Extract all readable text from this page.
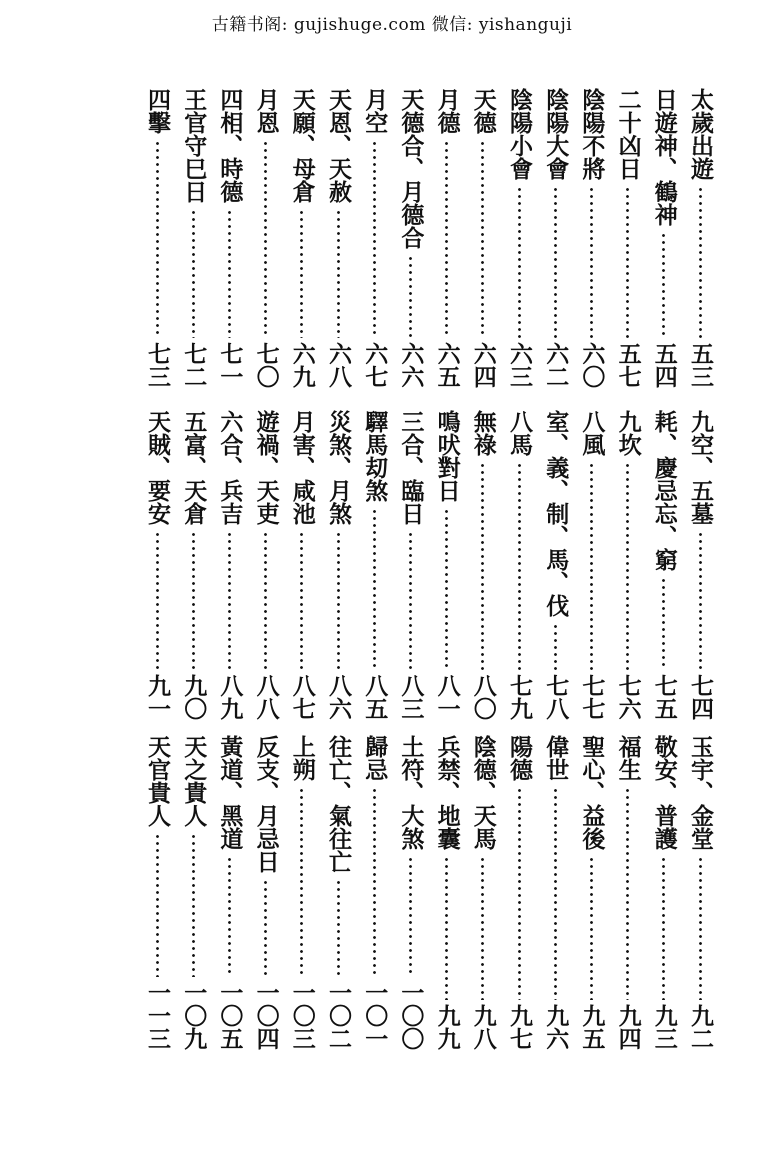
古籍书阁: gujishuge.com 微信: yishanguji
太歲出遊
五三
日遊神、鶴神
五四
二十凶日
五七
陰陽不將
六〇
陰陽大會
六二
陰陽小會
六三
天德
六四
月德
六五
天德合、月德合
六六
月空
六七
天恩、天赦
六八
天願、母倉
六九
月恩
七〇
四相、時德
七一
王官守巳日
七二
四擊
七三
九空、五墓
七四
耗、慶忌忘、窮
七五
九坎
七六
八風
七七
室、義、制、馬、伐
七八
八馬
七九
無祿
八〇
鳴吠對日
八一
三合、臨日
八三
驛馬刧煞
八五
災煞、月煞
八六
月害、咸池
八七
遊禍、天吏
八八
六合、兵吉
八九
五富、天倉
九〇
天賊、要安
九一
玉宇、金堂
九二
敬安、普護
九三
福生
九四
聖心、益後
九五
偉世
九六
陽德
九七
陰德、天馬
九八
兵禁、地囊
九九
土符、大煞
一〇〇
歸忌
一〇一
往亡、氣往亡
一〇二
上朔
一〇三
反支、月忌日
一〇四
黃道、黑道
一〇五
天之貴人
一〇九
天官貴人
一一三
